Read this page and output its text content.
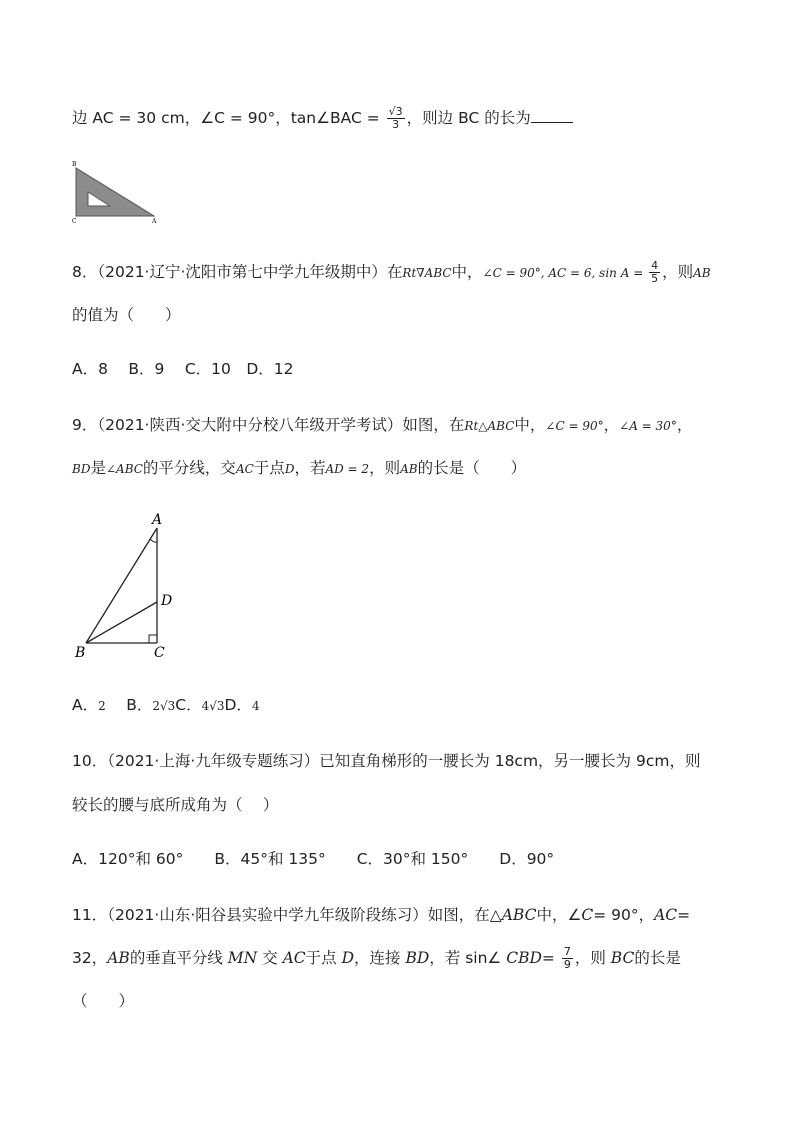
边 AC = 30 cm，∠C = 90°，tan∠BAC = $\frac{√3}{3}$ ，则边 BC 的长为
B
C	A
8．（2021·辽宁·沈阳市第七中学九年级期中）在Rt∇ABC中，∠C = 90°, AC = 6, $\sin A = \frac{4}{5}$ ，则AB
的值为（　　）
A．8　 B．9　 C．10　D．12
9．（2021·陕西·交大附中分校八年级开学考试）如图，在Rt△ABC中，∠C = 90°，∠A = 30°，
BD是∠ABC的平分线，交AC于点D，若AD = 2，则AB的长是（　　）
A
D
B	C
A．2　 B．2√3C．4√3D．4
10．（2021·上海·九年级专题练习）已知直角梯形的一腰长为 18cm，另一腰长为 9cm，则
较长的腰与底所成角为（　 ）
A．120°和 60°　　B．45°和 135°　　C．30°和 150°　　D．90°
11．（2021·山东·阳谷县实验中学九年级阶段练习）如图，在△ABC中，∠C= 90°，AC=
32，AB的垂直平分线 MN 交 AC于点 D，连接 BD，若 sin∠ $CBD= \frac{7}{9}$ ，则 BC的长是
（　　）
